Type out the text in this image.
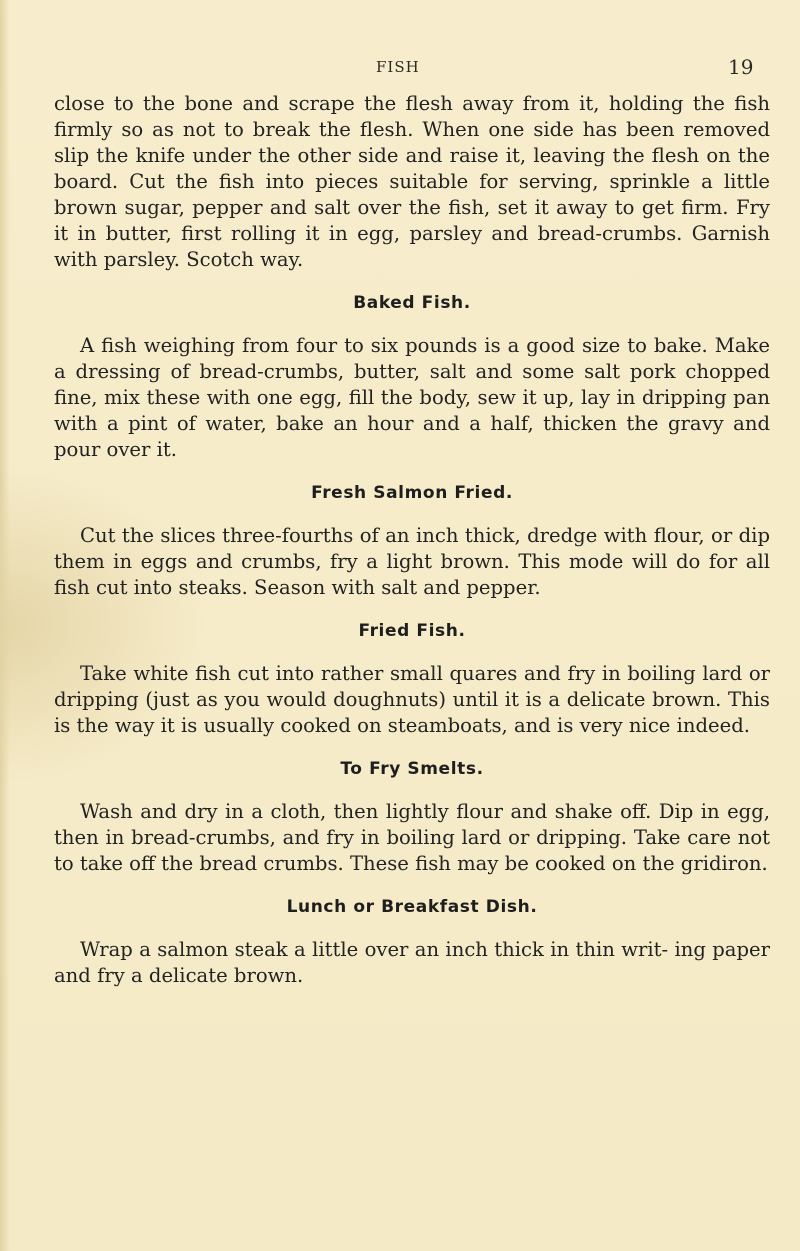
FISH	19

close to the bone and scrape the flesh away from it, holding the fish firmly so as not to break the flesh. When one side has been removed slip the knife under the other side and raise it, leaving the flesh on the board. Cut the fish into pieces suitable for serving, sprinkle a little brown sugar, pepper and salt over the fish, set it away to get firm. Fry it in butter, first rolling it in egg, parsley and bread-crumbs. Garnish with parsley. Scotch way.

Baked Fish.

A fish weighing from four to six pounds is a good size to bake. Make a dressing of bread-crumbs, butter, salt and some salt pork chopped fine, mix these with one egg, fill the body, sew it up, lay in dripping pan with a pint of water, bake an hour and a half, thicken the gravy and pour over it.

Fresh Salmon Fried.

Cut the slices three-fourths of an inch thick, dredge with flour, or dip them in eggs and crumbs, fry a light brown. This mode will do for all fish cut into steaks. Season with salt and pepper.

Fried Fish.

Take white fish cut into rather small quares and fry in boiling lard or dripping (just as you would doughnuts) until it is a delicate brown. This is the way it is usually cooked on steamboats, and is very nice indeed.

To Fry Smelts.

Wash and dry in a cloth, then lightly flour and shake off. Dip in egg, then in bread-crumbs, and fry in boiling lard or dripping. Take care not to take off the bread crumbs. These fish may be cooked on the gridiron.

Lunch or Breakfast Dish.

Wrap a salmon steak a little over an inch thick in thin writ- ing paper and fry a delicate brown.
